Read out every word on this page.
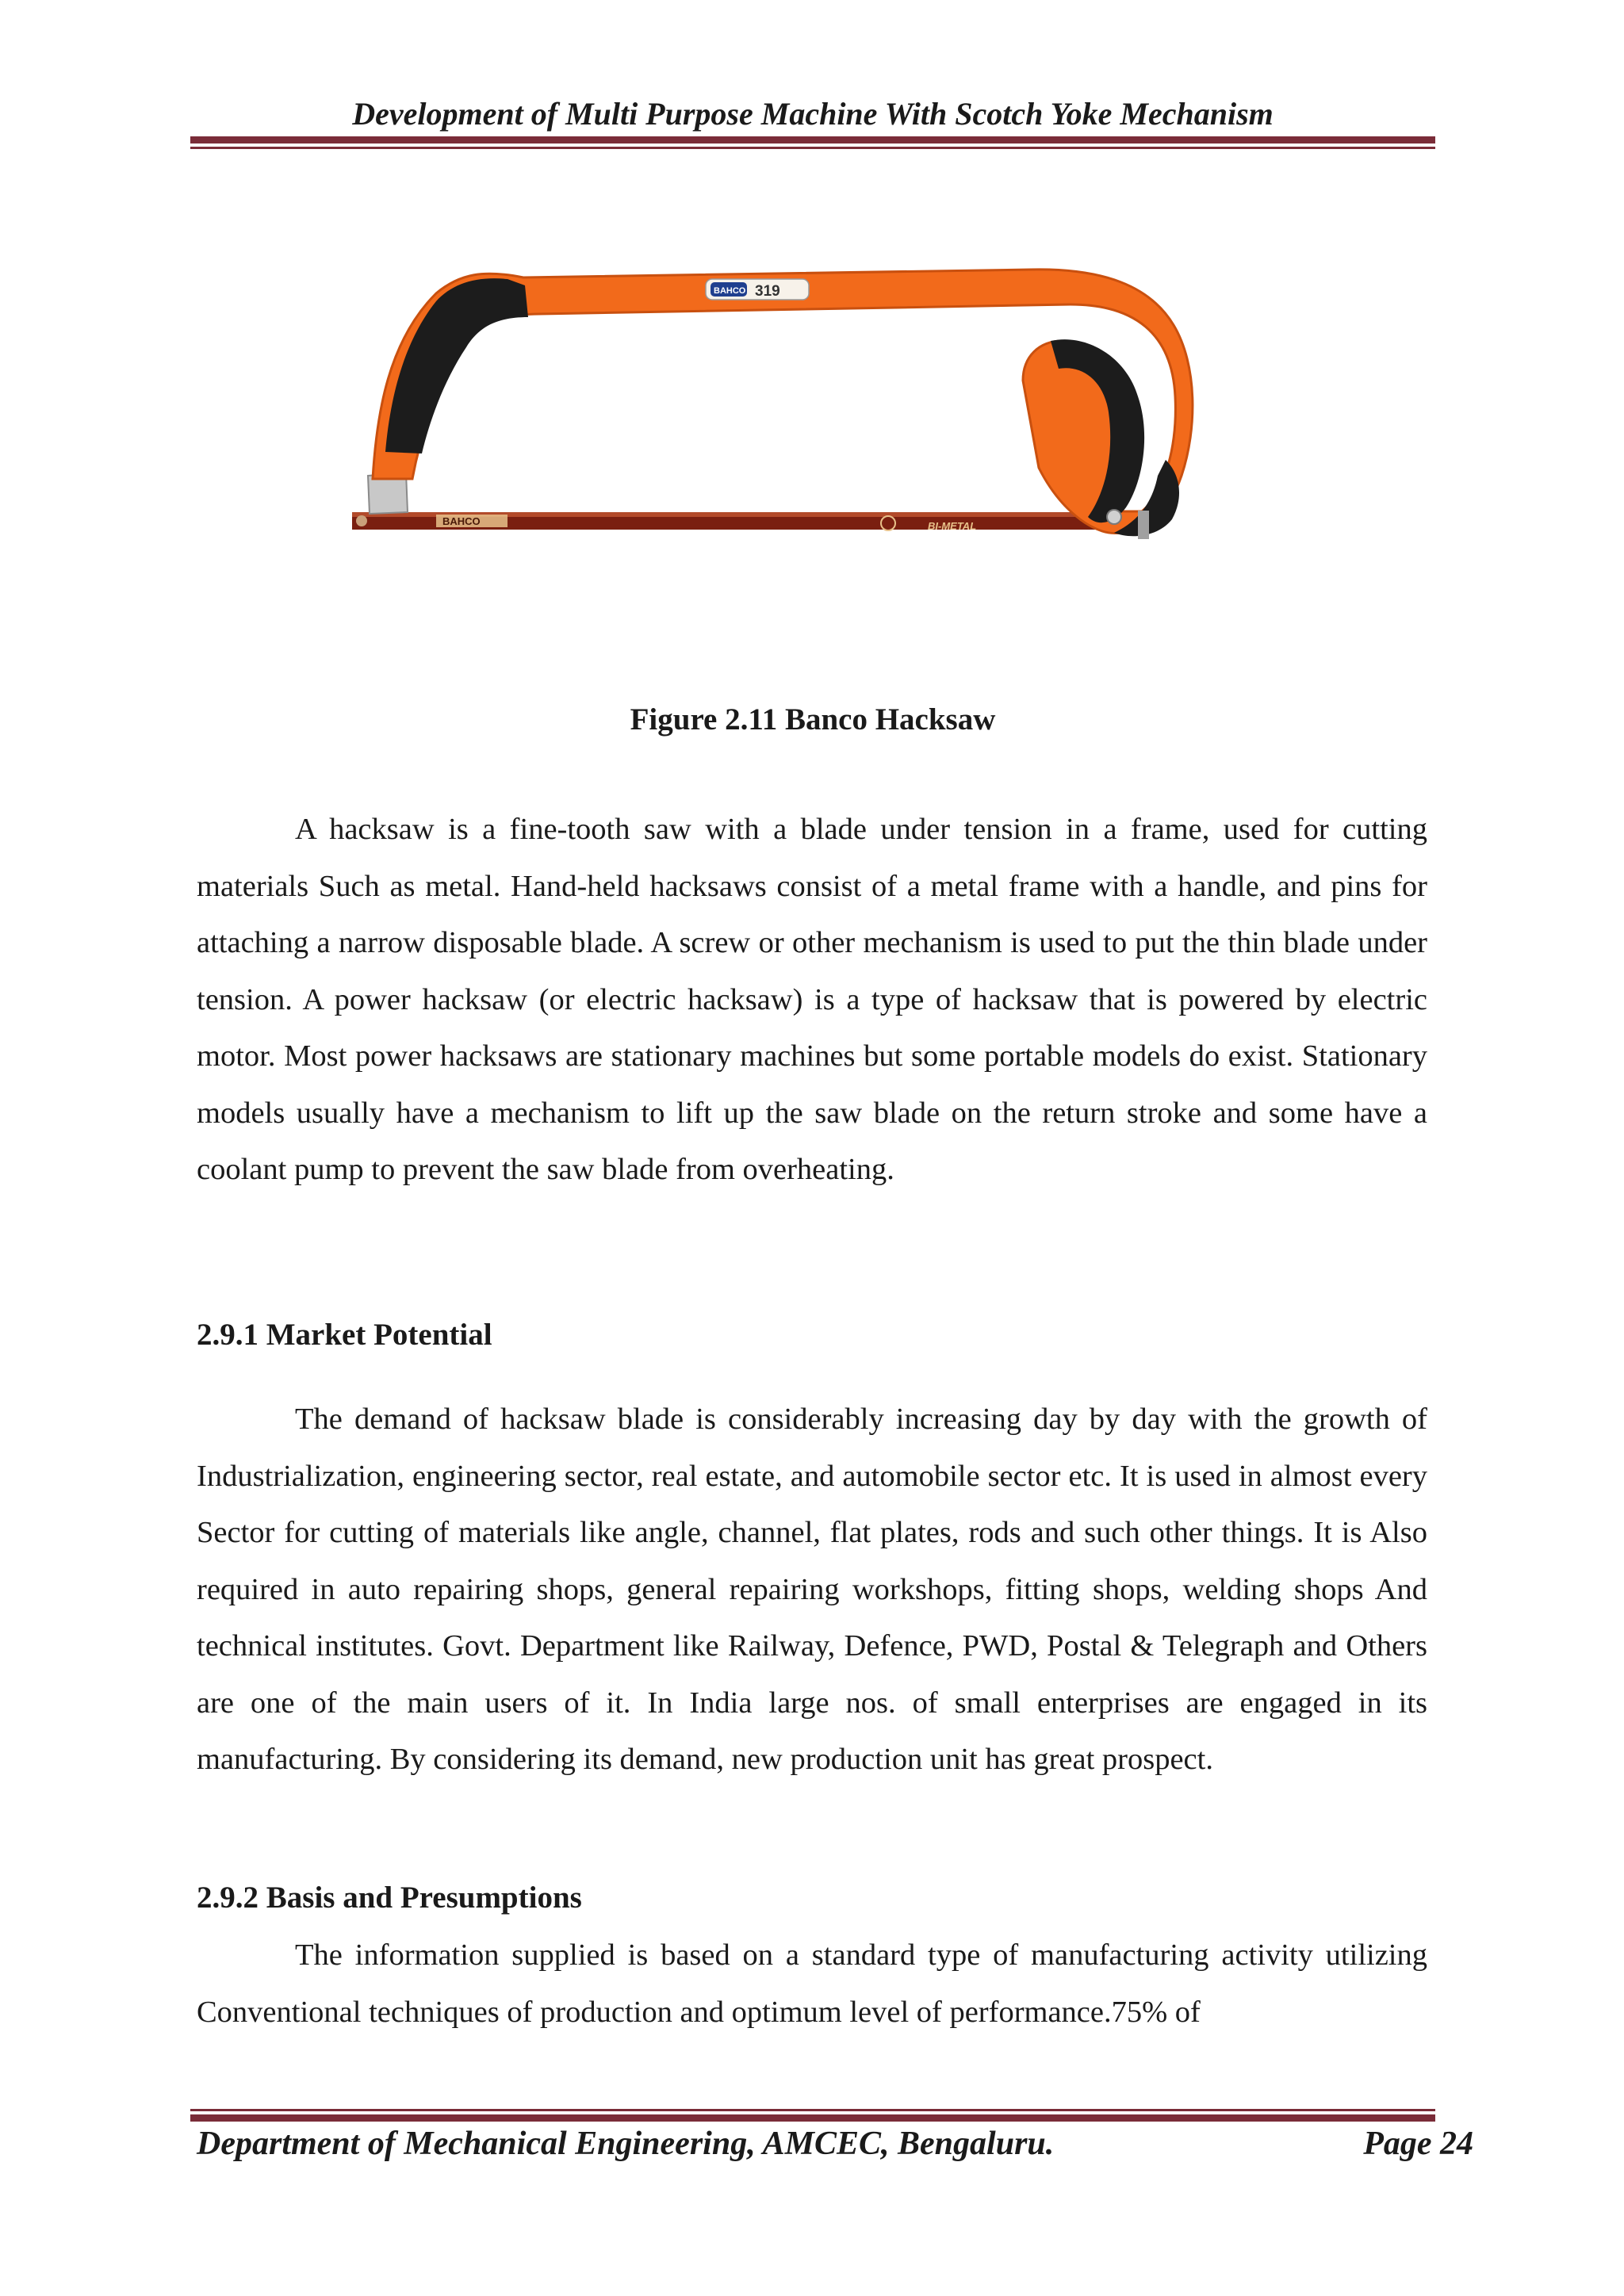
Development of Multi Purpose Machine With Scotch Yoke Mechanism
BAHCO	BI-METAL
BAHCO 319
Figure 2.11 Banco Hacksaw

A hacksaw is a fine-tooth saw with a blade under tension in a frame, used for cutting materials Such as metal. Hand-held hacksaws consist of a metal frame with a handle, and pins for attaching a narrow disposable blade. A screw or other mechanism is used to put the thin blade under tension. A power hacksaw (or electric hacksaw) is a type of hacksaw that is powered by electric motor. Most power hacksaws are stationary machines but some portable models do exist. Stationary models usually have a mechanism to lift up the saw blade on the return stroke and some have a coolant pump to prevent the saw blade from overheating.

2.9.1 Market Potential

The demand of hacksaw blade is considerably increasing day by day with the growth of Industrialization, engineering sector, real estate, and automobile sector etc. It is used in almost every Sector for cutting of materials like angle, channel, flat plates, rods and such other things. It is Also required in auto repairing shops, general repairing workshops, fitting shops, welding shops And technical institutes. Govt. Department like Railway, Defence, PWD, Postal & Telegraph and Others are one of the main users of it. In India large nos. of small enterprises are engaged in its manufacturing. By considering its demand, new production unit has great prospect.

2.9.2 Basis and Presumptions

The information supplied is based on a standard type of manufacturing activity utilizing Conventional techniques of production and optimum level of performance.75% of

Department of Mechanical Engineering, AMCEC, Bengaluru.	Page 24
